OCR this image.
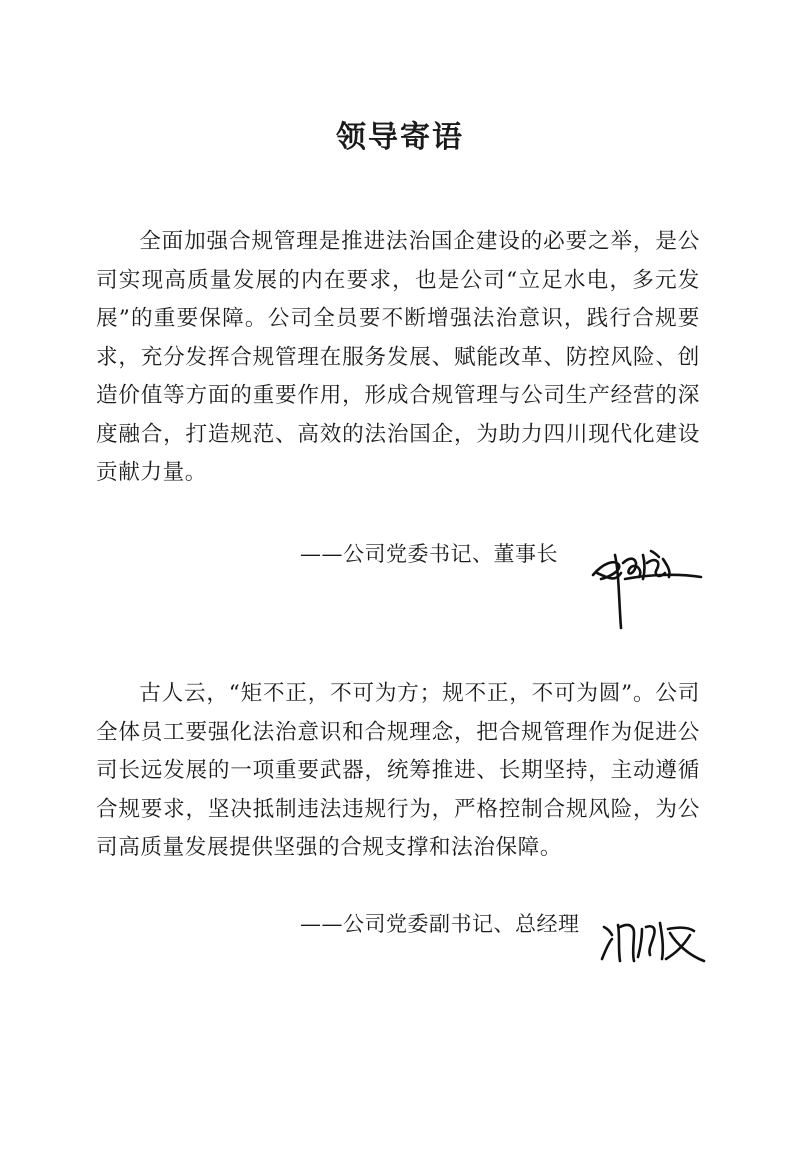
领导寄语

全面加强合规管理是推进法治国企建设的必要之举，是公司实现高质量发展的内在要求，也是公司“立足水电，多元发展”的重要保障。公司全员要不断增强法治意识，践行合规要求，充分发挥合规管理在服务发展、赋能改革、防控风险、创造价值等方面的重要作用，形成合规管理与公司生产经营的深度融合，打造规范、高效的法治国企，为助力四川现代化建设贡献力量。

——公司党委书记、董事长

古人云，“矩不正，不可为方；规不正，不可为圆”。公司全体员工要强化法治意识和合规理念，把合规管理作为促进公司长远发展的一项重要武器，统筹推进、长期坚持，主动遵循合规要求，坚决抵制违法违规行为，严格控制合规风险，为公司高质量发展提供坚强的合规支撑和法治保障。

——公司党委副书记、总经理
